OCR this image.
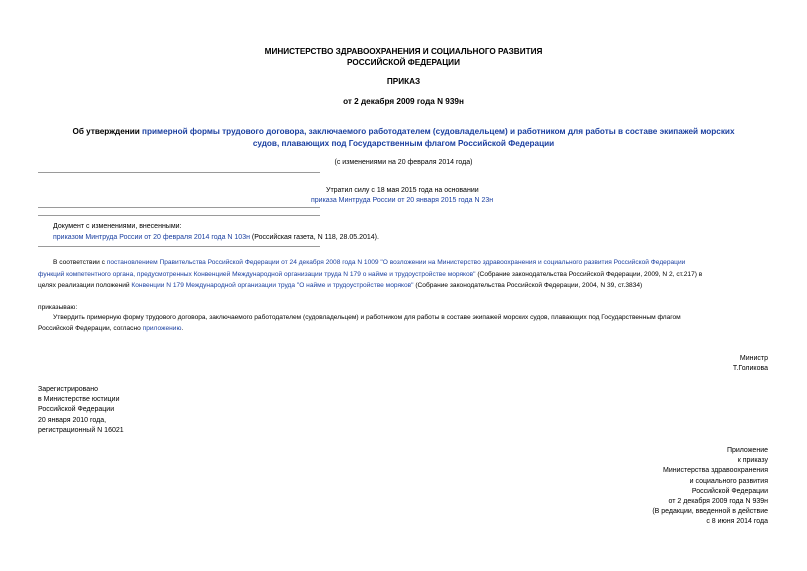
МИНИСТЕРСТВО ЗДРАВООХРАНЕНИЯ И СОЦИАЛЬНОГО РАЗВИТИЯ
РОССИЙСКОЙ ФЕДЕРАЦИИ
ПРИКАЗ
от 2 декабря 2009 года N 939н
Об утверждении примерной формы трудового договора, заключаемого работодателем (судовладельцем) и работником для работы в составе экипажей морских
судов, плавающих под Государственным флагом Российской Федерации
(с изменениями на 20 февраля 2014 года)
Утратил силу с 18 мая 2015 года на основании
приказа Минтруда России от 20 января 2015 года N 23н
Документ с изменениями, внесенными:
приказом Минтруда России от 20 февраля 2014 года N 103н (Российская газета, N 118, 28.05.2014).
В соответствии с постановлением Правительства Российской Федерации от 24 декабря 2008 года N 1009 "О возложении на Министерство здравоохранения и социального развития Российской Федерации
функций компетентного органа, предусмотренных Конвенцией Международной организации труда N 179 о найме и трудоустройстве моряков" (Собрание законодательства Российской Федерации, 2009, N 2, ст.217) в
целях реализации положений Конвенции N 179 Международной организации труда "О найме и трудоустройстве моряков" (Собрание законодательства Российской Федерации, 2004, N 39, ст.3834)
приказываю:
Утвердить примерную форму трудового договора, заключаемого работодателем (судовладельцем) и работником для работы в составе экипажей морских судов, плавающих под Государственным флагом
Российской Федерации, согласно приложению.
Министр
Т.Голикова
Зарегистрировано
в Министерстве юстиции
Российской Федерации
20 января 2010 года,
регистрационный N 16021
Приложение
к приказу
Министерства здравоохранения
и социального развития
Российской Федерации
от 2 декабря 2009 года N 939н
(В редакции, введенной в действие
с 8 июня 2014 года
